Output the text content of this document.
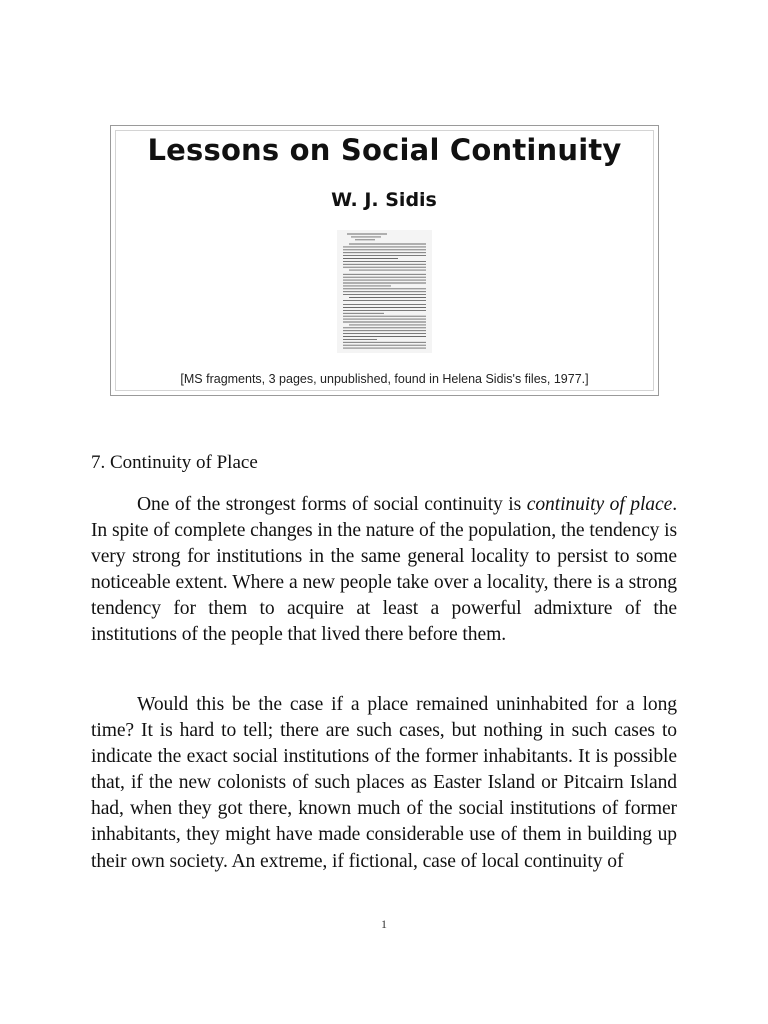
Lessons on Social Continuity
W. J. Sidis
[MS fragments, 3 pages, unpublished, found in Helena Sidis's files, 1977.]
7. Continuity of Place

One of the strongest forms of social continuity is continuity of place. In spite of complete changes in the nature of the population, the tendency is very strong for institutions in the same general locality to persist to some noticeable extent. Where a new people take over a locality, there is a strong tendency for them to acquire at least a powerful admixture of the institutions of the people that lived there before them.

Would this be the case if a place remained uninhabited for a long time? It is hard to tell; there are such cases, but nothing in such cases to indicate the exact social institutions of the former inhabitants. It is possible that, if the new colonists of such places as Easter Island or Pitcairn Island had, when they got there, known much of the social institutions of former inhabitants, they might have made considerable use of them in building up their own society. An extreme, if fictional, case of local continuity of

1
